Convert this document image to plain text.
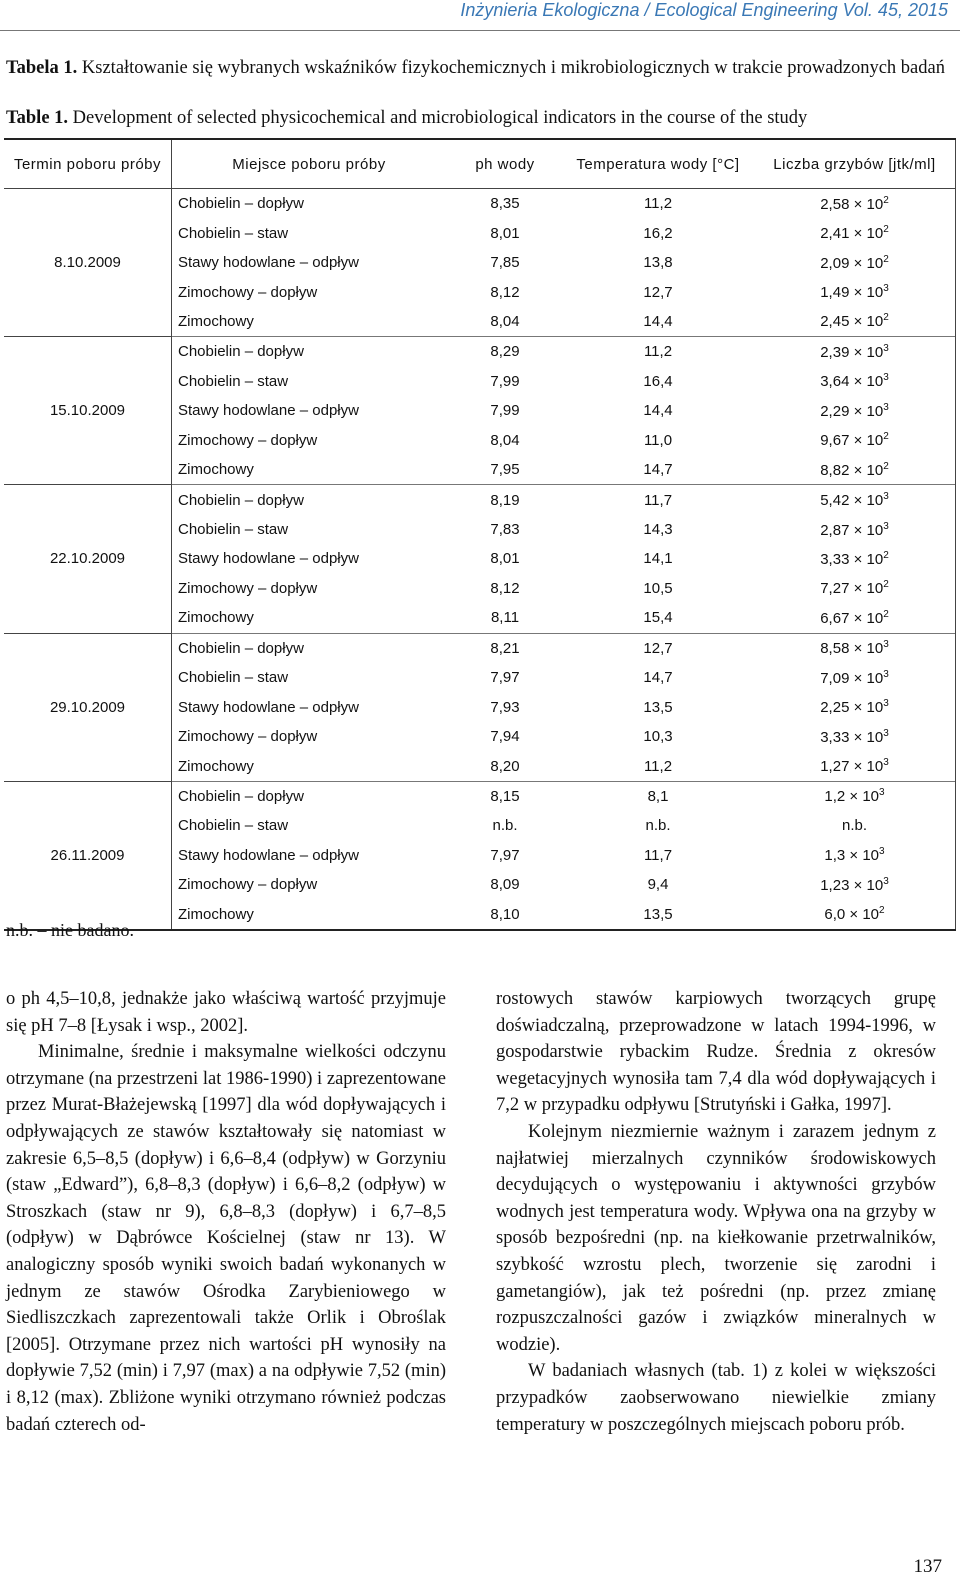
Inżynieria Ekologiczna / Ecological Engineering Vol. 45, 2015
Tabela 1. Kształtowanie się wybranych wskaźników fizykochemicznych i mikrobiologicznych w trakcie prowadzonych badań
Table 1. Development of selected physicochemical and microbiological indicators in the course of the study
Termin poboru próby	Miejsce poboru próby	ph wody	Temperatura wody [°C]	Liczba grzybów [jtk/ml]
8.10.2009	Chobielin – dopływ	8,35	11,2	$2,58 \times 10^2$
	Chobielin – staw	8,01	16,2	$2,41 \times 10^2$
	Stawy hodowlane – odpływ	7,85	13,8	$2,09 \times 10^2$
	Zimochowy – dopływ	8,12	12,7	$1,49 \times 10^3$
	Zimochowy	8,04	14,4	$2,45 \times 10^2$
15.10.2009	Chobielin – dopływ	8,29	11,2	$2,39 \times 10^3$
	Chobielin – staw	7,99	16,4	$3,64 \times 10^3$
	Stawy hodowlane – odpływ	7,99	14,4	$2,29 \times 10^3$
	Zimochowy – dopływ	8,04	11,0	$9,67 \times 10^2$
	Zimochowy	7,95	14,7	$8,82 \times 10^2$
22.10.2009	Chobielin – dopływ	8,19	11,7	$5,42 \times 10^3$
	Chobielin – staw	7,83	14,3	$2,87 \times 10^3$
	Stawy hodowlane – odpływ	8,01	14,1	$3,33 \times 10^2$
	Zimochowy – dopływ	8,12	10,5	$7,27 \times 10^2$
	Zimochowy	8,11	15,4	$6,67 \times 10^2$
29.10.2009	Chobielin – dopływ	8,21	12,7	$8,58 \times 10^3$
	Chobielin – staw	7,97	14,7	$7,09 \times 10^3$
	Stawy hodowlane – odpływ	7,93	13,5	$2,25 \times 10^3$
	Zimochowy – dopływ	7,94	10,3	$3,33 \times 10^3$
	Zimochowy	8,20	11,2	$1,27 \times 10^3$
26.11.2009	Chobielin – dopływ	8,15	8,1	$1,2 \times 10^3$
	Chobielin – staw	n.b.	n.b.	n.b.
	Stawy hodowlane – odpływ	7,97	11,7	$1,3 \times 10^3$
	Zimochowy – dopływ	8,09	9,4	$1,23 \times 10^3$
	Zimochowy	8,10	13,5	$6,0 \times 10^2$
n.b. – nie badano.

o ph 4,5–10,8, jednakże jako właściwą wartość przyjmuje się pH 7–8 [Łysak i wsp., 2002].

Minimalne, średnie i maksymalne wielkości odczynu otrzymane (na przestrzeni lat 1986-1990) i zaprezentowane przez Murat-Błażejewską [1997] dla wód dopływających i odpływających ze stawów kształtowały się natomiast w zakresie 6,5–8,5 (dopływ) i 6,6–8,4 (odpływ) w Gorzyniu (staw „Edward”), 6,8–8,3 (dopływ) i 6,6–8,2 (odpływ) w Stroszkach (staw nr 9), 6,8–8,3 (dopływ) i 6,7–8,5 (odpływ) w Dąbrówce Kościelnej (staw nr 13). W analogiczny sposób wyniki swoich badań wykonanych w jednym ze stawów Ośrodka Zarybieniowego w Siedliszczkach zaprezentowali także Orlik i Obroślak [2005]. Otrzymane przez nich wartości pH wynosiły na dopływie 7,52 (min) i 7,97 (max) a na odpływie 7,52 (min) i 8,12 (max). Zbliżone wyniki otrzymano również podczas badań czterech od-

rostowych stawów karpiowych tworzących grupę doświadczalną, przeprowadzone w latach 1994-1996, w gospodarstwie rybackim Rudze. Średnia z okresów wegetacyjnych wynosiła tam 7,4 dla wód dopływających i 7,2 w przypadku odpływu [Strutyński i Gałka, 1997].

Kolejnym niezmiernie ważnym i zarazem jednym z najłatwiej mierzalnych czynników środowiskowych decydujących o występowaniu i aktywności grzybów wodnych jest temperatura wody. Wpływa ona na grzyby w sposób bezpośredni (np. na kiełkowanie przetrwalników, szybkość wzrostu plech, tworzenie się zarodni i gametangiów), jak też pośredni (np. przez zmianę rozpuszczalności gazów i związków mineralnych w wodzie).

W badaniach własnych (tab. 1) z kolei w większości przypadków zaobserwowano niewielkie zmiany temperatury w poszczególnych miejscach poboru prób.

137
